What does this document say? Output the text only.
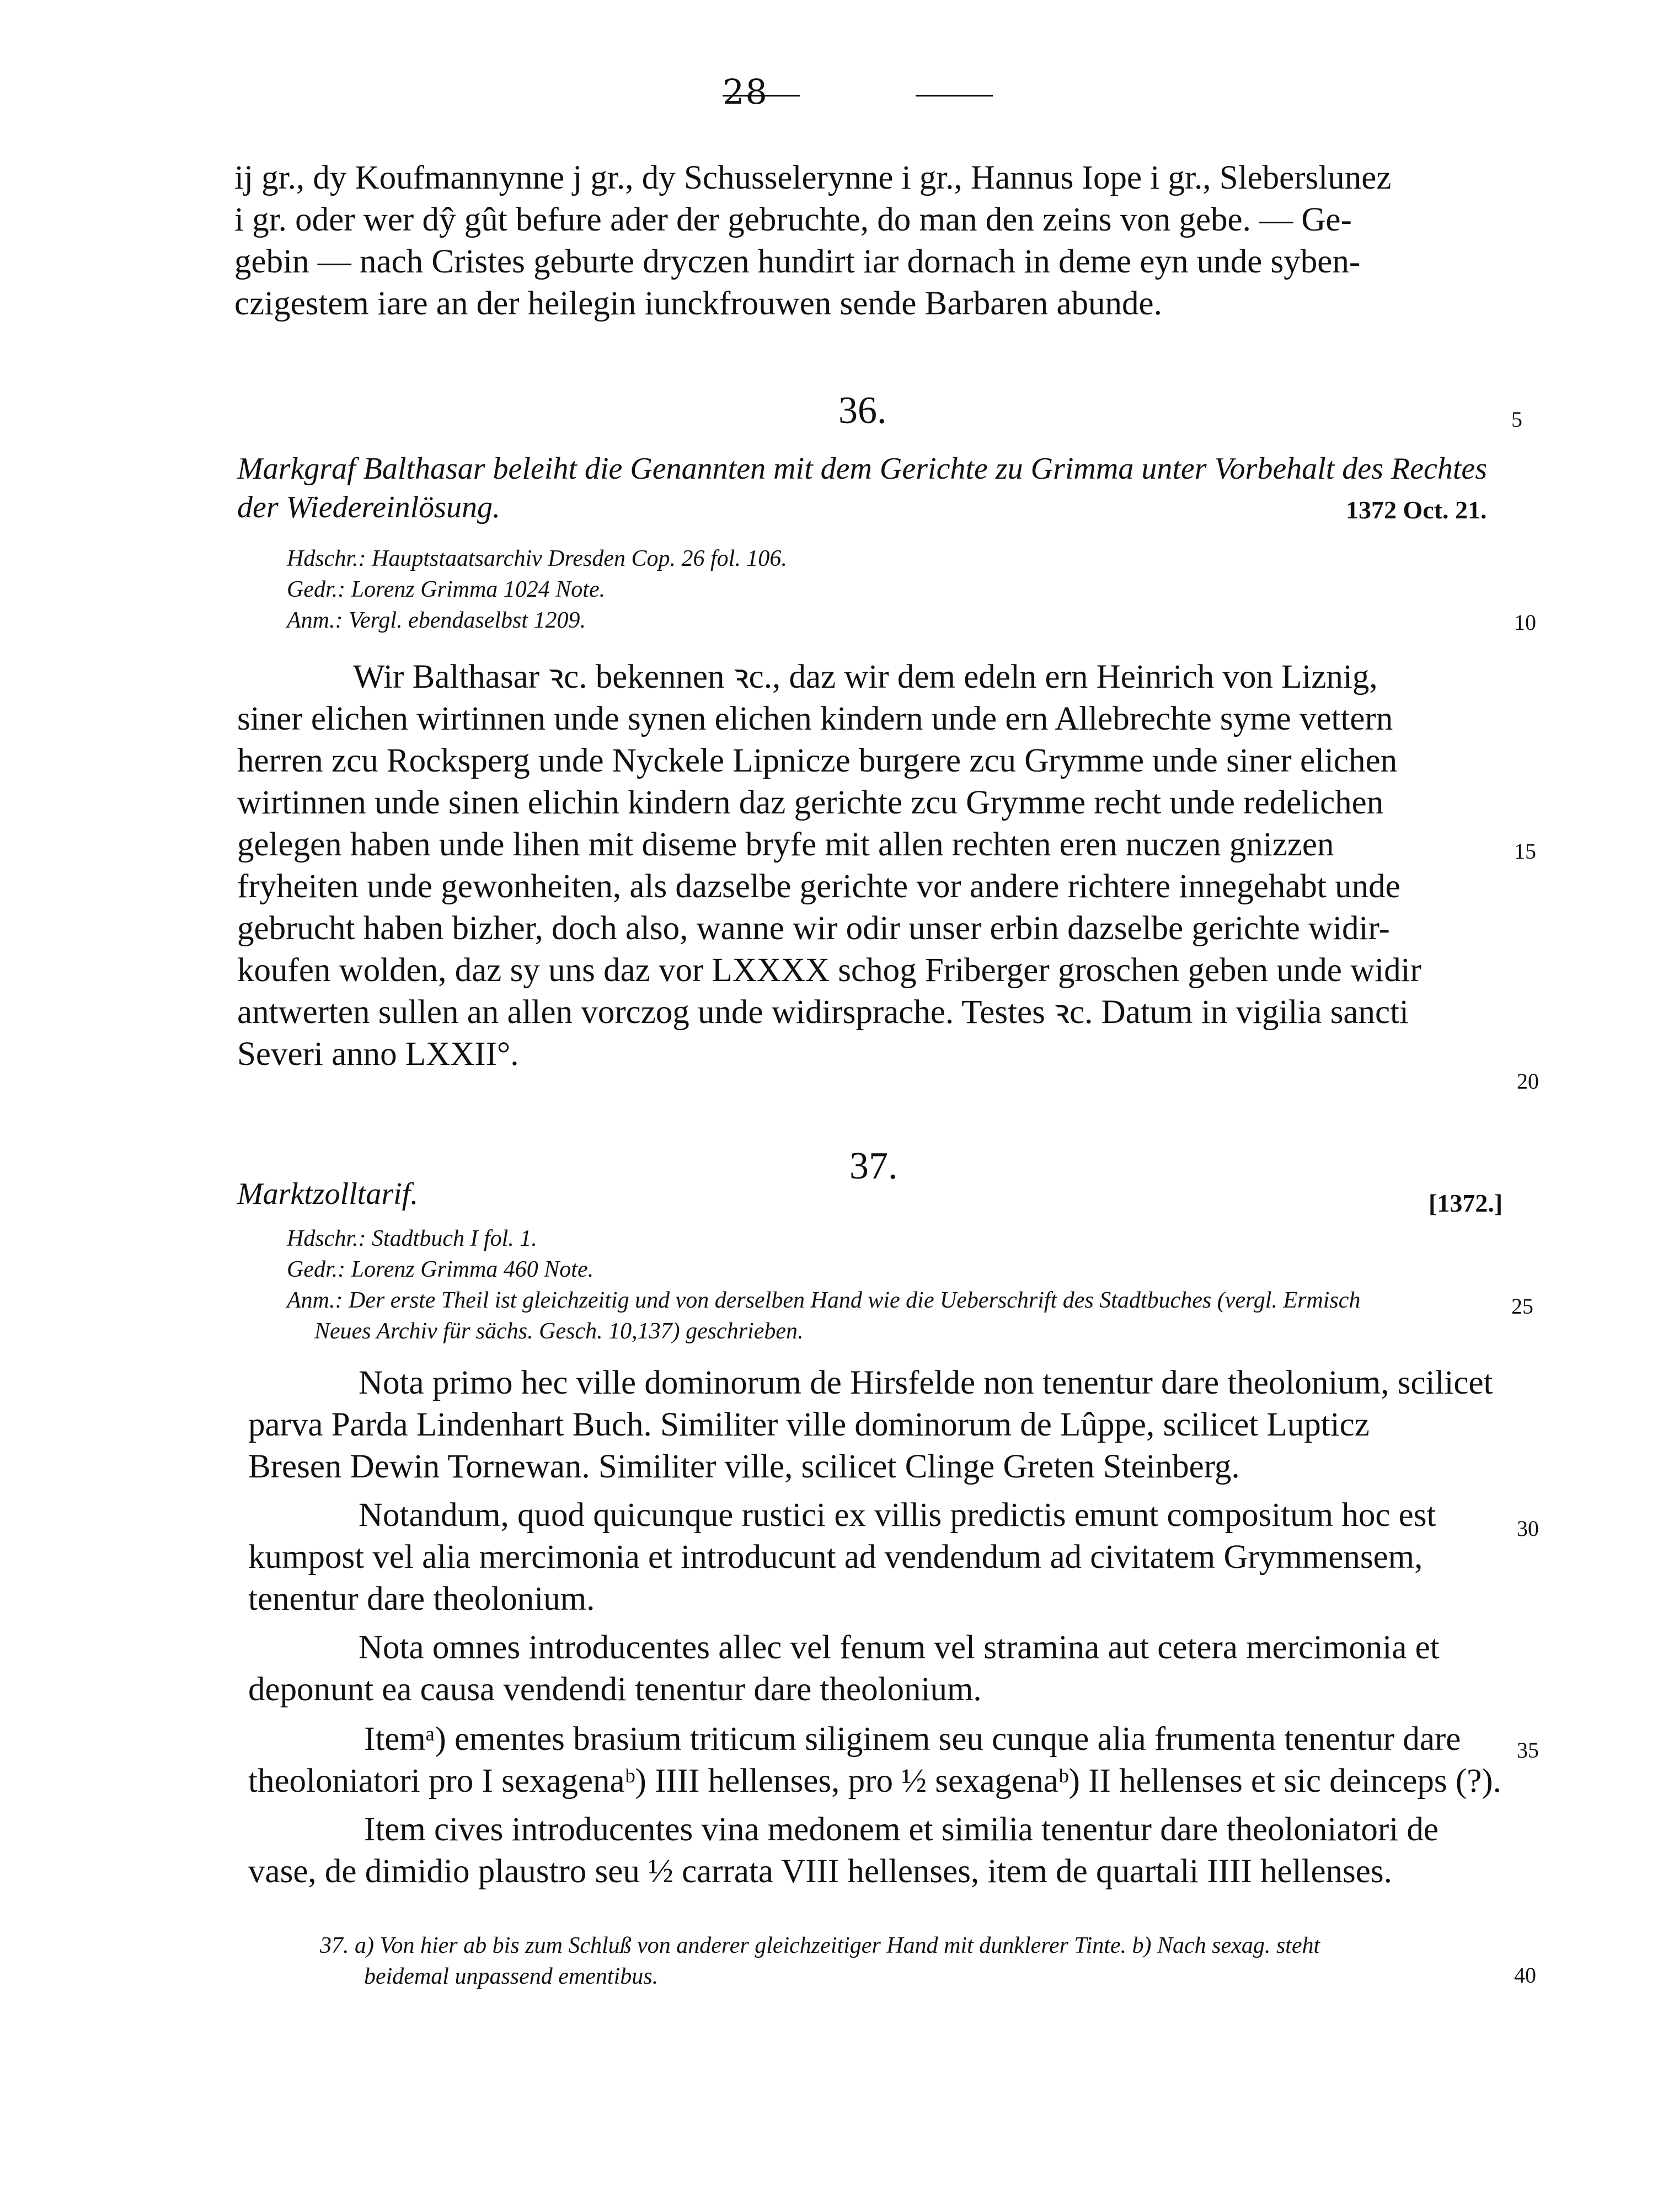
28
ij gr., dy Koufmannynne j gr., dy Schusselerynne i gr., Hannus Iope i gr., Sleberslunez
i gr. oder wer dŷ gût befure ader der gebruchte, do man den zeins von gebe. — Ge-
gebin — nach Cristes geburte dryczen hundirt iar dornach in deme eyn unde syben-
czigestem iare an der heilegin iunckfrouwen sende Barbaren abunde.
36.	5
Markgraf Balthasar beleiht die Genannten mit dem Gerichte zu Grimma unter Vorbehalt des Rechtes
der Wiedereinlösung.	1372 Oct. 21.
Hdschr.: Hauptstaatsarchiv Dresden Cop. 26 fol. 106.
Gedr.: Lorenz Grimma 1024 Note.
Anm.: Vergl. ebendaselbst 1209.	10
Wir Balthasar ꝛc. bekennen ꝛc., daz wir dem edeln ern Heinrich von Liznig,
siner elichen wirtinnen unde synen elichen kindern unde ern Allebrechte syme vettern
herren zcu Rocksperg unde Nyckele Lipnicze burgere zcu Grymme unde siner elichen
wirtinnen unde sinen elichin kindern daz gerichte zcu Grymme recht unde redelichen
gelegen haben unde lihen mit diseme bryfe mit allen rechten eren nuczen gnizzen	15
fryheiten unde gewonheiten, als dazselbe gerichte vor andere richtere innegehabt unde
gebrucht haben bizher, doch also, wanne wir odir unser erbin dazselbe gerichte widir-
koufen wolden, daz sy uns daz vor LXXXX schog Friberger groschen geben unde widir
antwerten sullen an allen vorczog unde widirsprache. Testes ꝛc. Datum in vigilia sancti
Severi anno LXXII°.
20
37.
Marktzolltarif.	[1372.]
Hdschr.: Stadtbuch I fol. 1.
Gedr.: Lorenz Grimma 460 Note.
Anm.: Der erste Theil ist gleichzeitig und von derselben Hand wie die Ueberschrift des Stadtbuches (vergl. Ermisch	25
Neues Archiv für sächs. Gesch. 10,137) geschrieben.
Nota primo hec ville dominorum de Hirsfelde non tenentur dare theolonium, scilicet
parva Parda Lindenhart Buch. Similiter ville dominorum de Lûppe, scilicet Lupticz
Bresen Dewin Tornewan. Similiter ville, scilicet Clinge Greten Steinberg.
Notandum, quod quicunque rustici ex villis predictis emunt compositum hoc est	30
kumpost vel alia mercimonia et introducunt ad vendendum ad civitatem Grymmensem,
tenentur dare theolonium.
Nota omnes introducentes allec vel fenum vel stramina aut cetera mercimonia et
deponunt ea causa vendendi tenentur dare theolonium.
Itemᵃ) ementes brasium triticum siliginem seu cunque alia frumenta tenentur dare	35
theoloniatori pro I sexagenaᵇ) IIII hellenses, pro ½ sexagenaᵇ) II hellenses et sic deinceps (?).
Item cives introducentes vina medonem et similia tenentur dare theoloniatori de
vase, de dimidio plaustro seu ½ carrata VIII hellenses, item de quartali IIII hellenses.
37. a) Von hier ab bis zum Schluß von anderer gleichzeitiger Hand mit dunklerer Tinte. b) Nach sexag. steht
beidemal unpassend ementibus.	40
